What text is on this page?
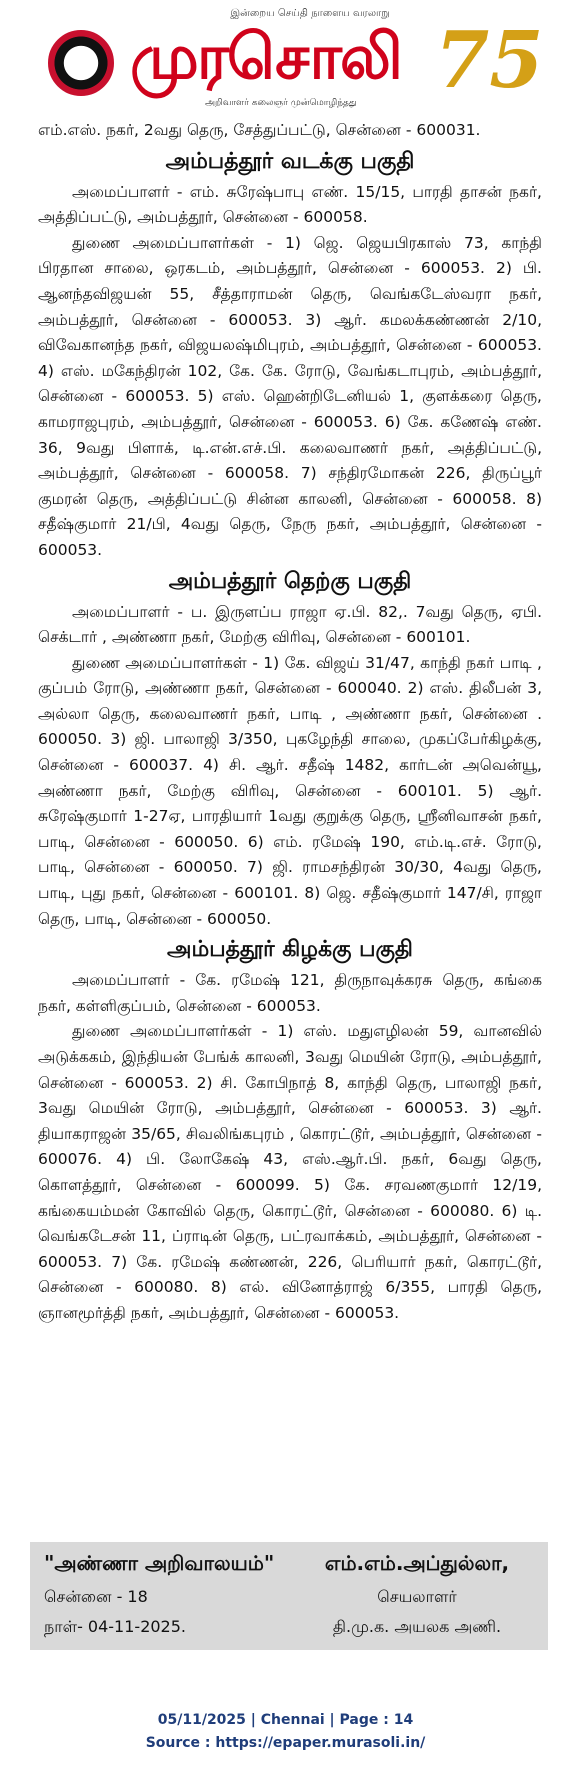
இன்றைய செய்தி நாளைய வரலாறு
முரசொலி
அறிவாளர் கலைஞர் முன்மொழிந்தது 75

எம்.எஸ். நகர், 2வது தெரு, சேத்துப்பட்டு, சென்னை - 600031.

அம்பத்தூர் வடக்கு பகுதி

அமைப்பாளர் - எம். சுரேஷ்பாபு எண். 15/15, பாரதி தாசன் நகர், அத்திப்பட்டு, அம்பத்தூர், சென்னை - 600058.

துணை அமைப்பாளர்கள் - 1) ஜெ. ஜெயபிரகாஸ் 73, காந்தி பிரதான சாலை, ஒரகடம், அம்பத்தூர், சென்னை - 600053. 2) பி. ஆனந்தவிஜயன் 55, சீத்தாராமன் தெரு, வெங்கடேஸ்வரா நகர், அம்பத்தூர், சென்னை - 600053. 3) ஆர். கமலக்கண்ணன் 2/10, விவேகானந்த நகர், விஜயலஷ்மிபுரம், அம்பத்தூர், சென்னை - 600053. 4) எஸ். மகேந்திரன் 102, கே. கே. ரோடு, வேங்கடாபுரம், அம்பத்தூர், சென்னை - 600053. 5) எஸ். ஹென்றிடேனியல் 1, குளக்கரை தெரு, காமராஜபுரம், அம்பத்தூர், சென்னை - 600053. 6) கே. கணேஷ் எண். 36, 9வது பிளாக், டி.என்.எச்.பி. கலைவாணர் நகர், அத்திப்பட்டு, அம்பத்தூர், சென்னை - 600058. 7) சந்திரமோகன் 226, திருப்பூர் குமரன் தெரு, அத்திப்பட்டு சின்ன காலனி, சென்னை - 600058. 8) சதீஷ்குமார் 21/பி, 4வது தெரு, நேரு நகர், அம்பத்தூர், சென்னை - 600053.

அம்பத்தூர் தெற்கு பகுதி

அமைப்பாளர் - ப. இருளப்ப ராஜா ஏ.பி. 82,. 7வது தெரு, ஏபி. செக்டார் , அண்ணா நகர், மேற்கு விரிவு, சென்னை - 600101.

துணை அமைப்பாளர்கள் - 1) கே. விஜய் 31/47, காந்தி நகர் பாடி , குப்பம் ரோடு, அண்ணா நகர், சென்னை - 600040. 2) எஸ். திலீபன் 3, அல்லா தெரு, கலைவாணர் நகர், பாடி , அண்ணா நகர், சென்னை . 600050. 3) ஜி. பாலாஜி 3/350, புகழேந்தி சாலை, முகப்பேர்கிழக்கு, சென்னை - 600037. 4) சி. ஆர். சதீஷ் 1482, கார்டன் அவென்யூ, அண்ணா நகர், மேற்கு விரிவு, சென்னை - 600101. 5) ஆர். சுரேஷ்குமார் 1-27ஏ, பாரதியார் 1வது குறுக்கு தெரு, ஸ்ரீனிவாசன் நகர், பாடி, சென்னை - 600050. 6) எம். ரமேஷ் 190, எம்.டி.எச். ரோடு, பாடி, சென்னை - 600050. 7) ஜி. ராமசந்திரன் 30/30, 4வது தெரு, பாடி, புது நகர், சென்னை - 600101. 8) ஜெ. சதீஷ்குமார் 147/சி, ராஜா தெரு, பாடி, சென்னை - 600050.

அம்பத்தூர் கிழக்கு பகுதி

அமைப்பாளர் - கே. ரமேஷ் 121, திருநாவுக்கரசு தெரு, கங்கை நகர், கள்ளிகுப்பம், சென்னை - 600053.

துணை அமைப்பாளர்கள் - 1) எஸ். மதுஎழிலன் 59, வானவில் அடுக்ககம், இந்தியன் பேங்க் காலனி, 3வது மெயின் ரோடு, அம்பத்தூர், சென்னை - 600053. 2) சி. கோபிநாத் 8, காந்தி தெரு, பாலாஜி நகர், 3வது மெயின் ரோடு, அம்பத்தூர், சென்னை - 600053. 3) ஆர். தியாகராஜன் 35/65, சிவலிங்கபுரம் , கொரட்டூர், அம்பத்தூர், சென்னை - 600076. 4) பி. லோகேஷ் 43, எஸ்.ஆர்.பி. நகர், 6வது தெரு, கொளத்தூர், சென்னை - 600099. 5) கே. சரவணகுமார் 12/19, கங்கையம்மன் கோவில் தெரு, கொரட்டூர், சென்னை - 600080. 6) டி. வெங்கடேசன் 11, ப்ராடின் தெரு, பட்ரவாக்கம், அம்பத்தூர், சென்னை - 600053. 7) கே. ரமேஷ் கண்ணன், 226, பெரியார் நகர், கொரட்டூர், சென்னை - 600080. 8) எல். வினோத்ராஜ் 6/355, பாரதி தெரு, ஞானமூர்த்தி நகர், அம்பத்தூர், சென்னை - 600053.

"அண்ணா அறிவாலயம்"
சென்னை - 18
நாள்- 04-11-2025.
எம்.எம்.அப்துல்லா,
செயலாளர்
தி.மு.க. அயலக அணி.
05/11/2025 | Chennai | Page : 14
Source : https://epaper.murasoli.in/
